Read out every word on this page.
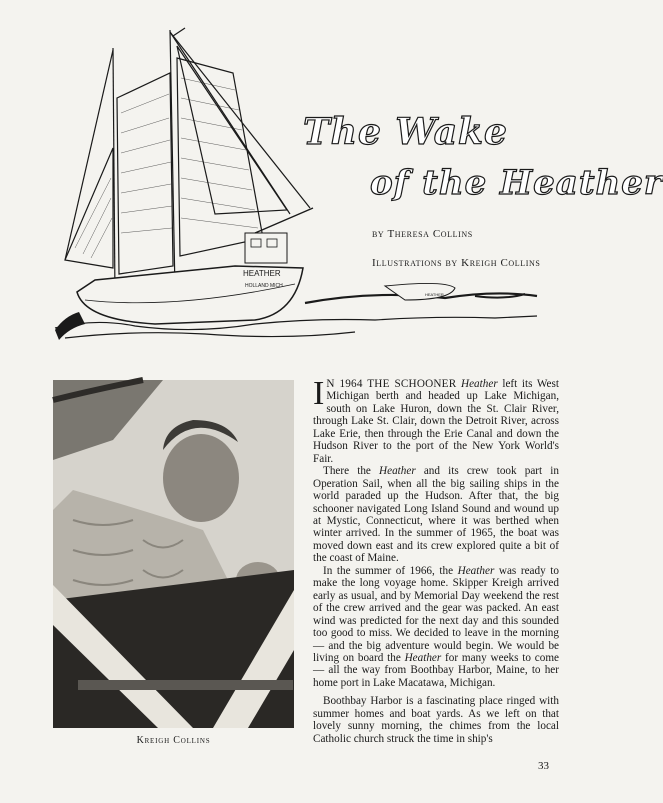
HEATHER
HOLLAND MICH
HEATHER
The Wake
of the Heather
by Theresa Collins
Illustrations by Kreigh Collins
Kreigh Collins

I N 1964 THE SCHOONER Heather left its West Michigan berth and headed up Lake Michigan, south on Lake Huron, down the St. Clair River, through Lake St. Clair, down the Detroit River, across Lake Erie, then through the Erie Canal and down the Hudson River to the port of the New York World's Fair.

There the Heather and its crew took part in Operation Sail, when all the big sailing ships in the world paraded up the Hudson. After that, the big schooner navigated Long Island Sound and wound up at Mystic, Connecticut, where it was berthed when winter arrived. In the summer of 1965, the boat was moved down east and its crew explored quite a bit of the coast of Maine.

In the summer of 1966, the Heather was ready to make the long voyage home. Skipper Kreigh arrived early as usual, and by Memorial Day weekend the rest of the crew arrived and the gear was packed. An east wind was predicted for the next day and this sounded too good to miss. We decided to leave in the morning — and the big adventure would begin. We would be living on board the Heather for many weeks to come — all the way from Boothbay Harbor, Maine, to her home port in Lake Macatawa, Michigan.

Boothbay Harbor is a fascinating place ringed with summer homes and boat yards. As we left on that lovely sunny morning, the chimes from the local Catholic church struck the time in ship's

33
